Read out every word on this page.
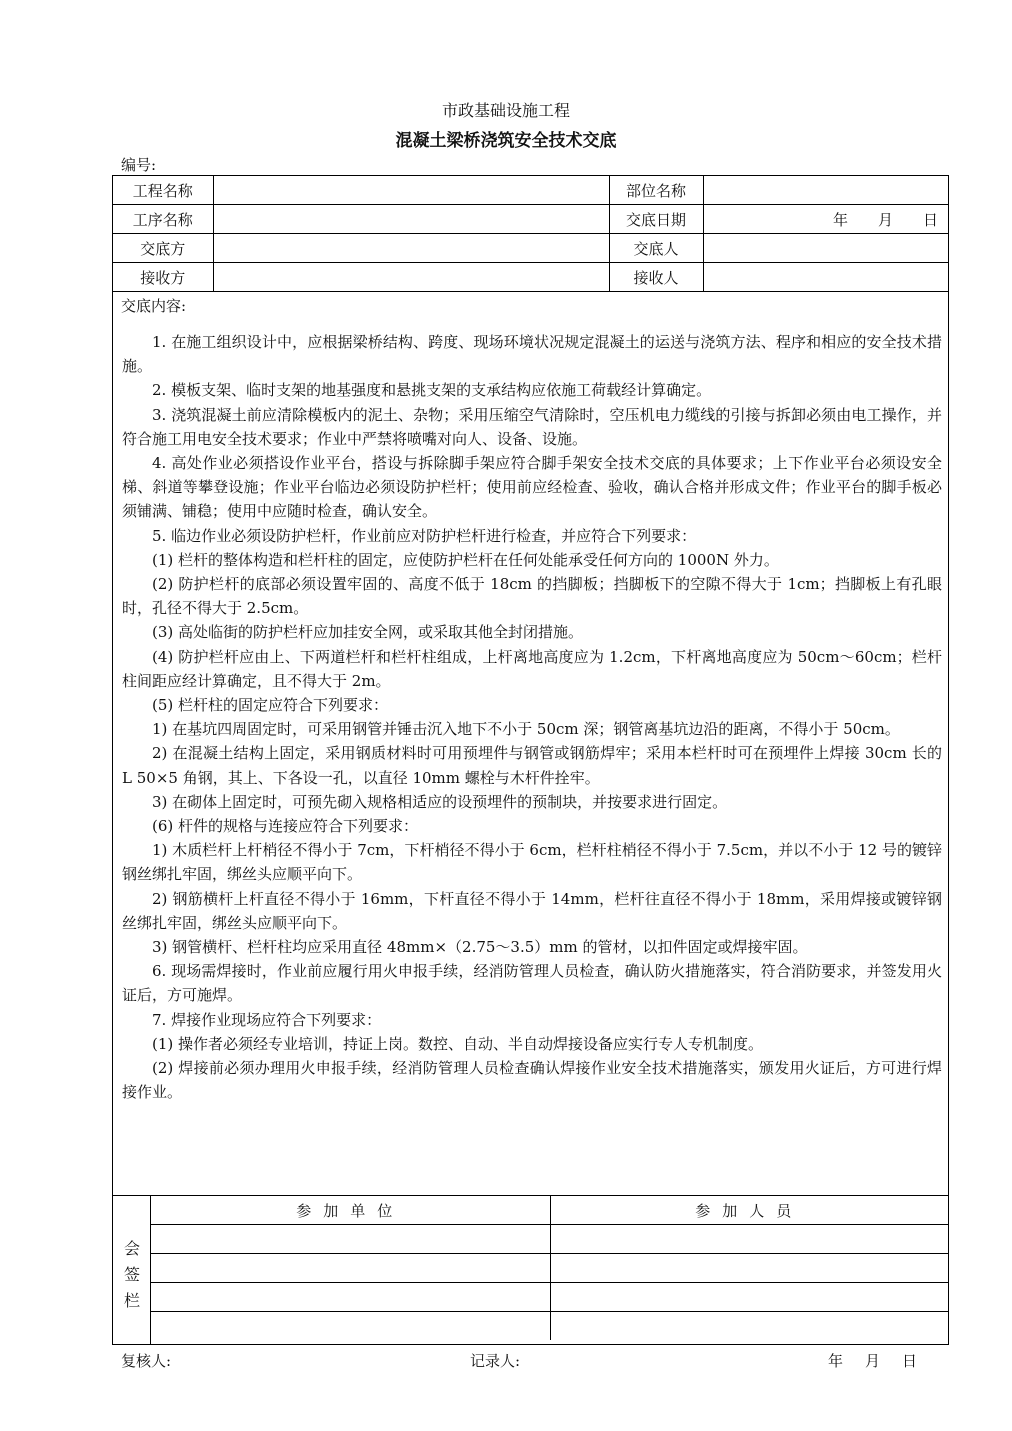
市政基础设施工程
混凝土梁桥浇筑安全技术交底
编号:
工程名称		部位名称	
工序名称		交底日期	年 月 日
交底方		交底人	
接收方		接收人	
交底内容:

1. 在施工组织设计中，应根据梁桥结构、跨度、现场环境状况规定混凝土的运送与浇筑方法、程序和相应的安全技术措施。

2. 模板支架、临时支架的地基强度和悬挑支架的支承结构应依施工荷载经计算确定。

3. 浇筑混凝土前应清除模板内的泥土、杂物；采用压缩空气清除时，空压机电力缆线的引接与拆卸必须由电工操作，并符合施工用电安全技术要求；作业中严禁将喷嘴对向人、设备、设施。

4. 高处作业必须搭设作业平台，搭设与拆除脚手架应符合脚手架安全技术交底的具体要求；上下作业平台必须设安全梯、斜道等攀登设施；作业平台临边必须设防护栏杆；使用前应经检查、验收，确认合格并形成文件；作业平台的脚手板必须铺满、铺稳；使用中应随时检查，确认安全。

5. 临边作业必须设防护栏杆，作业前应对防护栏杆进行检查，并应符合下列要求：

(1) 栏杆的整体构造和栏杆柱的固定，应使防护栏杆在任何处能承受任何方向的 1000N 外力。

(2) 防护栏杆的底部必须设置牢固的、高度不低于 18cm 的挡脚板；挡脚板下的空隙不得大于 1cm；挡脚板上有孔眼时，孔径不得大于 2.5cm。

(3) 高处临街的防护栏杆应加挂安全网，或采取其他全封闭措施。

(4) 防护栏杆应由上、下两道栏杆和栏杆柱组成，上杆离地高度应为 1.2cm，下杆离地高度应为 50cm～60cm；栏杆柱间距应经计算确定，且不得大于 2m。

(5) 栏杆柱的固定应符合下列要求：

1) 在基坑四周固定时，可采用钢管并锤击沉入地下不小于 50cm 深；钢管离基坑边沿的距离，不得小于 50cm。

2) 在混凝土结构上固定，采用钢质材料时可用预埋件与钢管或钢筋焊牢；采用本栏杆时可在预埋件上焊接 30cm 长的 L 50×5 角钢，其上、下各设一孔，以直径 10mm 螺栓与木杆件拴牢。

3) 在砌体上固定时，可预先砌入规格相适应的设预埋件的预制块，并按要求进行固定。

(6) 杆件的规格与连接应符合下列要求：

1) 木质栏杆上杆梢径不得小于 7cm，下杆梢径不得小于 6cm，栏杆柱梢径不得小于 7.5cm，并以不小于 12 号的镀锌钢丝绑扎牢固，绑丝头应顺平向下。

2) 钢筋横杆上杆直径不得小于 16mm，下杆直径不得小于 14mm，栏杆往直径不得小于 18mm，采用焊接或镀锌钢丝绑扎牢固，绑丝头应顺平向下。

3) 钢管横杆、栏杆柱均应采用直径 48mm×（2.75～3.5）mm 的管材，以扣件固定或焊接牢固。

6. 现场需焊接时，作业前应履行用火申报手续，经消防管理人员检查，确认防火措施落实，符合消防要求，并签发用火证后，方可施焊。

7. 焊接作业现场应符合下列要求：

(1) 操作者必须经专业培训，持证上岗。数控、自动、半自动焊接设备应实行专人专机制度。

(2) 焊接前必须办理用火申报手续，经消防管理人员检查确认焊接作业安全技术措施落实，颁发用火证后，方可进行焊接作业。

会
签
栏
参加单位	参加人员

复核人:	记录人:	年 月 日
